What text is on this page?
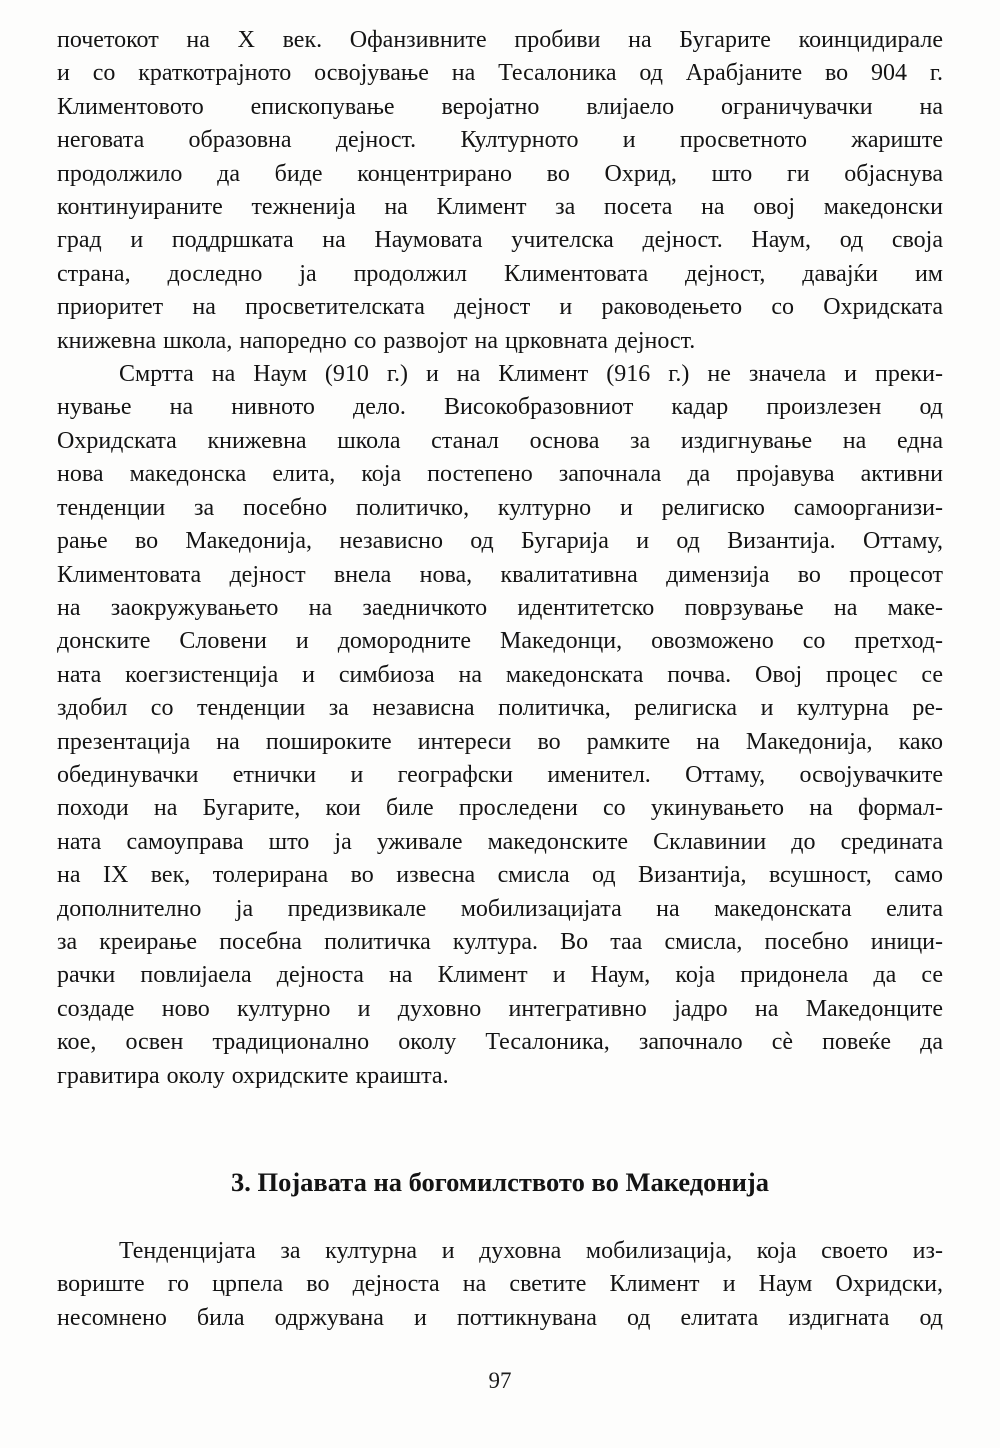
почетокот на X век. Офанзивните пробиви на Бугарите коинцидирале
и со краткотрајното освојување на Тесалоника од Арабјаните во 904 г.
Климентовото епископување веројатно влијаело ограничувачки на
неговата образовна дејност. Културното и просветното жариште
продолжило да биде концентрирано во Охрид, што ги објаснува
континуираните тежненија на Климент за посета на овој македонски
град и поддршката на Наумовата учителска дејност. Наум, од своја
страна, доследно ја продолжил Климентовата дејност, давајќи им
приоритет на просветителската дејност и раководењето со Охридската
книжевна школа, напоредно со развојот на црковната дејност.
Смртта на Наум (910 г.) и на Климент (916 г.) не значела и преки-
нување на нивното дело. Високобразовниот кадар произлезен од
Охридската книжевна школа станал основа за издигнување на една
нова македонска елита, која постепено започнала да пројавува активни
тенденции за посебно политичко, културно и религиско самоорганизи-
рање во Македонија, независно од Бугарија и од Византија. Оттаму,
Климентовата дејност внела нова, квалитативна димензија во процесот
на заокружувањето на заедничкото идентитетско поврзување на маке-
донските Словени и домородните Македонци, овозможено со претход-
ната коегзистенција и симбиоза на македонската почва. Овој процес се
здобил со тенденции за независна политичка, религиска и културна ре-
презентација на пошироките интереси во рамките на Македонија, како
обединувачки етнички и географски именител. Оттаму, освојувачките
походи на Бугарите, кои биле проследени со укинувањето на формал-
ната самоуправа што ја уживале македонските Склавинии до средината
на IX век, толерирана во извесна смисла од Византија, всушност, само
дополнително ја предизвикале мобилизацијата на македонската елита
за креирање посебна политичка култура. Во таа смисла, посебно иници-
рачки повлијаела дејноста на Климент и Наум, која придонела да се
создаде ново културно и духовно интегративно јадро на Македонците
кое, освен традиционално околу Тесалоника, започнало сѐ повеќе да
гравитира околу охридските краишта.
3. Појавата на богомилството во Македонија
Тенденцијата за културна и духовна мобилизација, која своето из-
вориште го црпела во дејноста на светите Климент и Наум Охридски,
несомнено била одржувана и поттикнувана од елитата издигната од
97
